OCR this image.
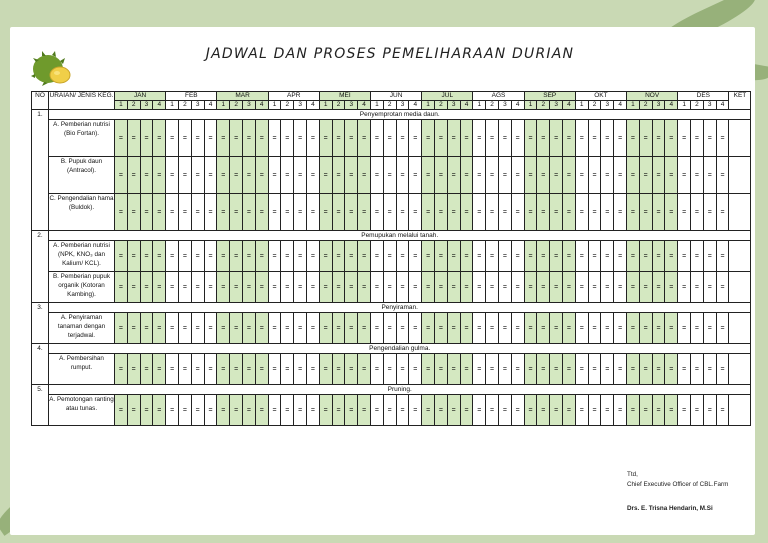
JADWAL DAN PROSES PEMELIHARAAN DURIAN
NO	URAIAN/ JENIS KEG.	JAN				FEB				MAR				APR				MEI				JUN				JUL				AGS				SEP				OKT				NOV				DES				KET
		1	2	3	4	1	2	3	4	1	2	3	4	1	2	3	4	1	2	3	4	1	2	3	4	1	2	3	4	1	2	3	4	1	2	3	4	1	2	3	4	1	2	3	4	1	2	3	4	
1.	Penyemprotan media daun.																																																	
	A. Pemberian nutrisi (Bio Fortan).	=	=	=	=	=	=	=	=	=	=	=	=	=	=	=	=	=	=	=	=	=	=	=	=	=	=	=	=	=	=	=	=	=	=	=	=	=	=	=	=	=	=	=	=	=	=	=	=	
	B. Pupuk daun (Antracol).	=	=	=	=	=	=	=	=	=	=	=	=	=	=	=	=	=	=	=	=	=	=	=	=	=	=	=	=	=	=	=	=	=	=	=	=	=	=	=	=	=	=	=	=	=	=	=	=	
	C. Pengendalian hama (Buldok).	=	=	=	=	=	=	=	=	=	=	=	=	=	=	=	=	=	=	=	=	=	=	=	=	=	=	=	=	=	=	=	=	=	=	=	=	=	=	=	=	=	=	=	=	=	=	=	=	
2.	Pemupukan melalui tanah.																																																	
	A. Pemberian nutrisi (NPK, KNO₃ dan Kalium/ KCL).	=	=	=	=	=	=	=	=	=	=	=	=	=	=	=	=	=	=	=	=	=	=	=	=	=	=	=	=	=	=	=	=	=	=	=	=	=	=	=	=	=	=	=	=	=	=	=	=	
	B. Pemberian pupuk organik (Kotoran Kambing).	=	=	=	=	=	=	=	=	=	=	=	=	=	=	=	=	=	=	=	=	=	=	=	=	=	=	=	=	=	=	=	=	=	=	=	=	=	=	=	=	=	=	=	=	=	=	=	=	
3.	Penyiraman.																																																	
	A. Penyiraman tanaman dengan terjadwal.	=	=	=	=	=	=	=	=	=	=	=	=	=	=	=	=	=	=	=	=	=	=	=	=	=	=	=	=	=	=	=	=	=	=	=	=	=	=	=	=	=	=	=	=	=	=	=	=	
4.	Pengendalian gulma.																																																	
	A. Pembersihan rumput.	=	=	=	=	=	=	=	=	=	=	=	=	=	=	=	=	=	=	=	=	=	=	=	=	=	=	=	=	=	=	=	=	=	=	=	=	=	=	=	=	=	=	=	=	=	=	=	=	
5.	Pruning.																																																	
	A. Pemotongan ranting atau tunas.	=	=	=	=	=	=	=	=	=	=	=	=	=	=	=	=	=	=	=	=	=	=	=	=	=	=	=	=	=	=	=	=	=	=	=	=	=	=	=	=	=	=	=	=	=	=	=	=	
Ttd,
Chief Executive Officer of CBL.Farm
Drs. E. Trisna Hendarin, M.Si
